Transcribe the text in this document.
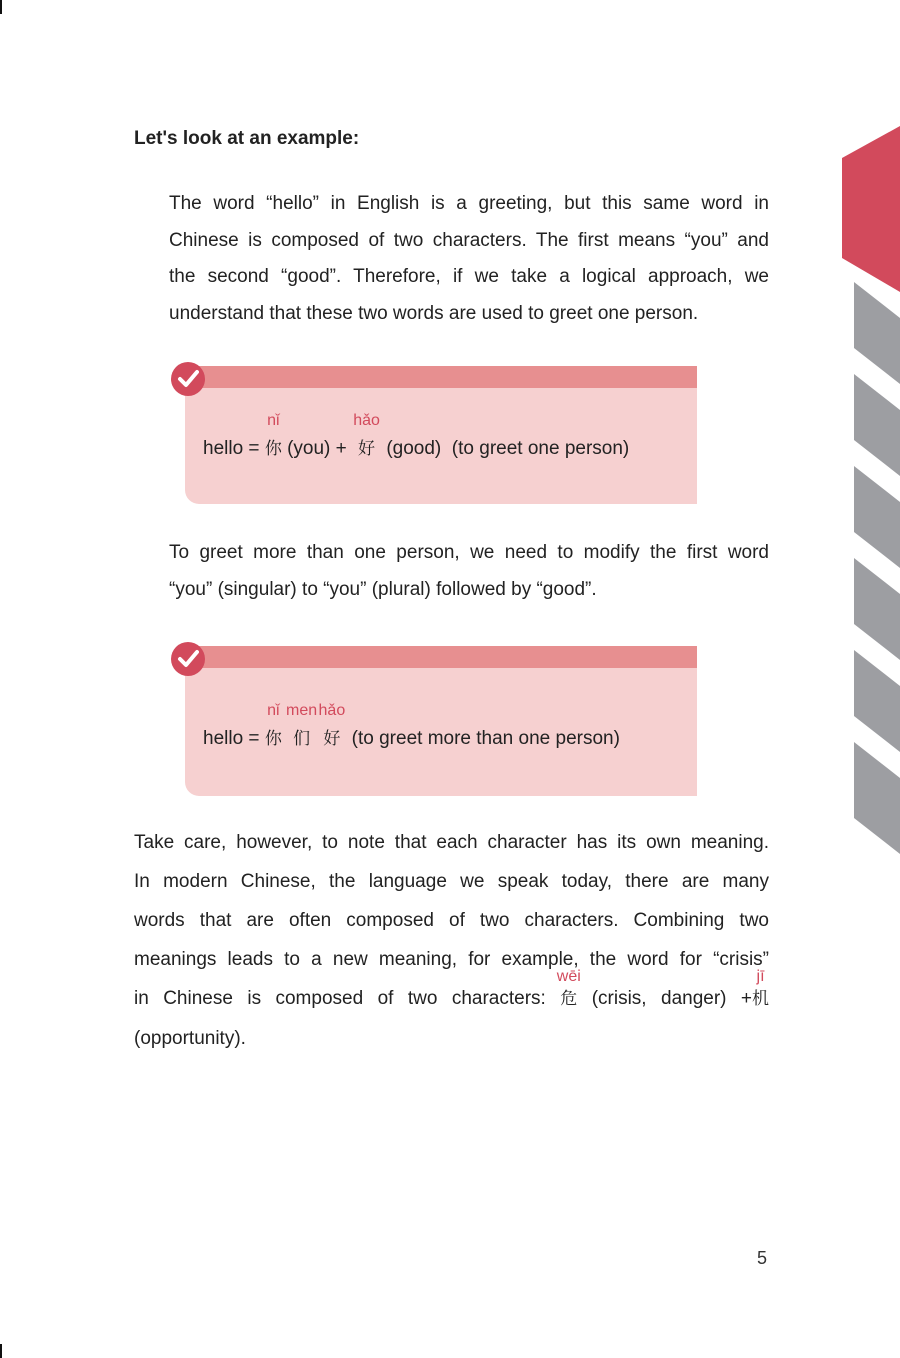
Let's look at an example:
The word “hello” in English is a greeting, but this same word in
Chinese is composed of two characters. The first means “you” and
the second “good”. Therefore, if we take a logical approach, we
understand that these two words are used to greet one person.
hello =
nǐ
你 (you) +
hǎo
好 (good)  (to greet one person)
To greet more than one person, we need to modify the first word
“you” (singular) to “you” (plural) followed by “good”.
hello =
nǐ
你
men
们
hǎo
好 (to greet more than one person)
Take care, however, to note that each character has its own meaning.
In modern Chinese, the language we speak today, there are many
words that are often composed of two characters. Combining two
meanings leads to a new meaning, for example, the word for “crisis”
in Chinese is composed of two characters:
wēi
危 (crisis, danger) +
jī
机
(opportunity).
5
